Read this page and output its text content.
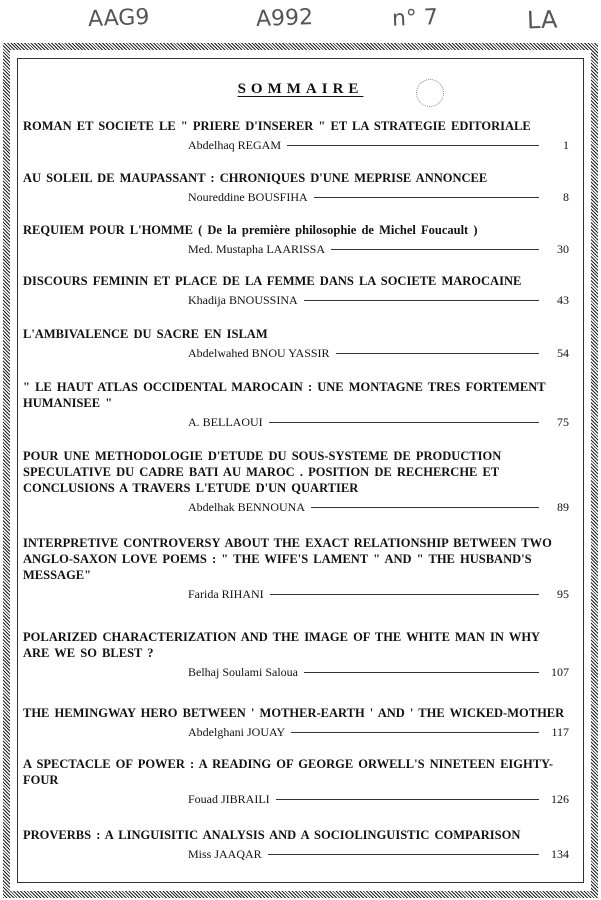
AAG9	A992	n° 7	LA
SOMMAIRE

ROMAN ET SOCIETE LE " PRIERE D'INSERER " ET LA STRATEGIE EDITORIALE

Abdelhaq REGAM	1

AU SOLEIL DE MAUPASSANT : CHRONIQUES D'UNE MEPRISE ANNONCEE

Noureddine BOUSFIHA	8

REQUIEM POUR L'HOMME ( De la première philosophie de Michel Foucault )

Med. Mustapha LAARISSA	30

DISCOURS FEMININ ET PLACE DE LA FEMME DANS LA SOCIETE MAROCAINE

Khadija BNOUSSINA	43

L'AMBIVALENCE DU SACRE EN ISLAM

Abdelwahed BNOU YASSIR	54

" LE HAUT ATLAS OCCIDENTAL MAROCAIN : UNE MONTAGNE TRES FORTEMENT HUMANISEE "

A. BELLAOUI	75

POUR UNE METHODOLOGIE D'ETUDE DU SOUS-SYSTEME DE PRODUCTION SPECULATIVE DU CADRE BATI AU MAROC . POSITION DE RECHERCHE ET CONCLUSIONS A TRAVERS L'ETUDE D'UN QUARTIER

Abdelhak BENNOUNA	89

INTERPRETIVE CONTROVERSY ABOUT THE EXACT RELATIONSHIP BETWEEN TWO ANGLO-SAXON LOVE POEMS : " THE WIFE'S LAMENT " AND " THE HUSBAND'S MESSAGE"

Farida RIHANI	95

POLARIZED CHARACTERIZATION AND THE IMAGE OF THE WHITE MAN IN WHY ARE WE SO BLEST ?

Belhaj Soulami Saloua	107

THE HEMINGWAY HERO BETWEEN ' MOTHER-EARTH ' AND ' THE WICKED-MOTHER

Abdelghani JOUAY	117

A SPECTACLE OF POWER : A READING OF GEORGE ORWELL'S NINETEEN EIGHTY- FOUR

Fouad JIBRAILI	126

PROVERBS : A LINGUISITIC ANALYSIS AND A SOCIOLINGUISTIC COMPARISON

Miss JAAQAR	134
